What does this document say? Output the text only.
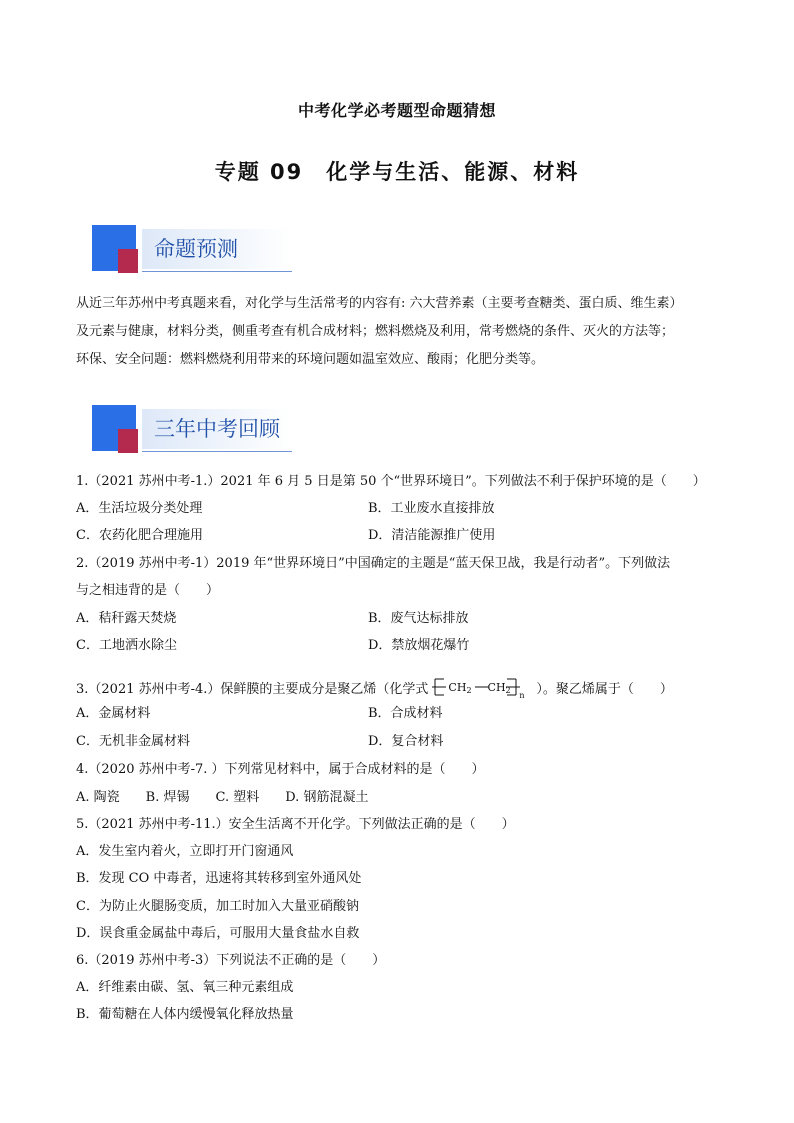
中考化学必考题型命题猜想
专题 09　化学与生活、能源、材料
命题预测

从近三年苏州中考真题来看，对化学与生活常考的内容有: 六大营养素（主要考查糖类、蛋白质、维生素）

及元素与健康，材料分类，侧重考查有机合成材料；燃料燃烧及利用，常考燃烧的条件、灭火的方法等；

环保、安全问题：燃料燃烧利用带来的环境问题如温室效应、酸雨；化肥分类等。

三年中考回顾
1.（2021 苏州中考-1.）2021 年 6 月 5 日是第 50 个“世界环境日”。下列做法不利于保护环境的是（　　）
A．生活垃圾分类处理	B．工业废水直接排放
C．农药化肥合理施用	D．清洁能源推广使用
2.（2019 苏州中考-1）2019 年“世界环境日”中国确定的主题是“蓝天保卫战，我是行动者”。下列做法
与之相违背的是（　　）
A．秸秆露天焚烧	B．废气达标排放
C．工地洒水除尘	D．禁放烟花爆竹
3.（2021 苏州中考-4.）保鲜膜的主要成分是聚乙烯（化学式 CH2 CH2
n ）。聚乙烯属于（　　）
A．金属材料	B．合成材料
C．无机非金属材料	D．复合材料
4.（2020 苏州中考-7. ）下列常见材料中，属于合成材料的是（　　）
A. 陶瓷　　B. 焊锡　　C. 塑料　　D. 钢筋混凝土
5.（2021 苏州中考-11.）安全生活离不开化学。下列做法正确的是（　　）
A．发生室内着火，立即打开门窗通风
B．发现 CO 中毒者，迅速将其转移到室外通风处
C．为防止火腿肠变质，加工时加入大量亚硝酸钠
D．误食重金属盐中毒后，可服用大量食盐水自救
6.（2019 苏州中考-3）下列说法不正确的是（　　）
A．纤维素由碳、氢、氧三种元素组成
B．葡萄糖在人体内缓慢氧化释放热量
